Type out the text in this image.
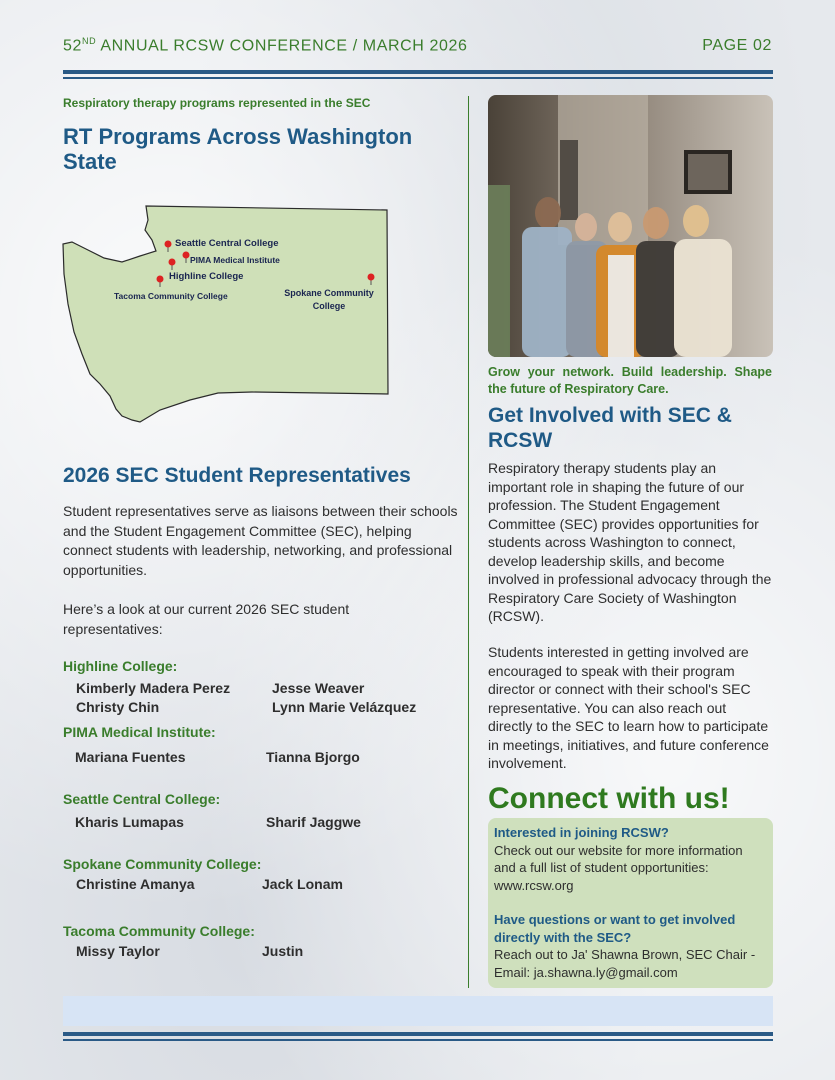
52ND ANNUAL RCSW CONFERENCE / MARCH 2026	PAGE 02
Respiratory therapy programs represented in the SEC
RT Programs Across Washington State
Seattle Central College
PIMA Medical Institute
Highline College
Tacoma Community College	Spokane Community
College
2026 SEC Student Representatives
Student representatives serve as liaisons between their schools and the Student Engagement Committee (SEC), helping connect students with leadership, networking, and professional opportunities.
Here’s a look at our current 2026 SEC student representatives:
Highline College:
Kimberly Madera Perez	Jesse Weaver
Christy Chin	Lynn Marie Velázquez
PIMA Medical Institute:
Mariana Fuentes	Tianna Bjorgo
Seattle Central College:
Kharis Lumapas	Sharif Jaggwe
Spokane Community College:
Christine Amanya	Jack Lonam
Tacoma Community College:
Missy Taylor	Justin
Grow your network. Build leadership. Shape the future of Respiratory Care.
Get Involved with SEC & RCSW
Respiratory therapy students play an important role in shaping the future of our profession. The Student Engagement Committee (SEC) provides opportunities for students across Washington to connect, develop leadership skills, and become involved in professional advocacy through the Respiratory Care Society of Washington (RCSW).
Students interested in getting involved are encouraged to speak with their program director or connect with their school's SEC representative. You can also reach out directly to the SEC to learn how to participate in meetings, initiatives, and future conference involvement.
Connect with us!
Interested in joining RCSW?
Check out our website for more information and a full list of student opportunities: www.rcsw.org
Have questions or want to get involved directly with the SEC?
Reach out to Ja' Shawna Brown, SEC Chair - Email: ja.shawna.ly@gmail.com
